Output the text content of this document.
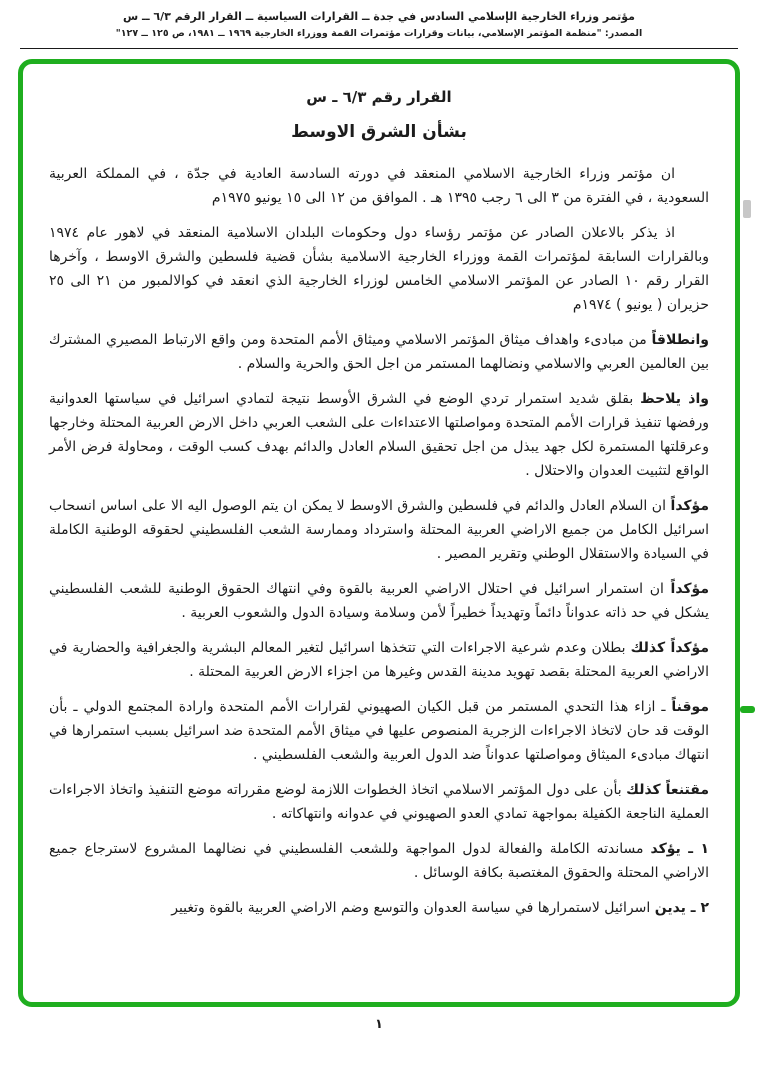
مؤتمر وزراء الخارجية الإسلامي السادس في جدة ــ القرارات السياسية ــ القرار الرقم ٦/٣ ــ س
المصدر: "منظمة المؤتمر الإسلامي، بيانات وقرارات مؤتمرات القمة ووزراء الخارجية ١٩٦٩ ــ ١٩٨١، ص ١٢٥ ــ ١٢٧"
القرار رقم ٦/٣ ـ س
بشأن الشرق الاوسط

ان مؤتمر وزراء الخارجية الاسلامي المنعقد في دورته السادسة العادية في جدّة ، في المملكة العربية السعودية ، في الفترة من ٣ الى ٦ رجب ١٣٩٥ هـ . الموافق من ١٢ الى ١٥ يونيو ١٩٧٥م

اذ يذكر بالاعلان الصادر عن مؤتمر رؤساء دول وحكومات البلدان الاسلامية المنعقد في لاهور عام ١٩٧٤ وبالقرارات السابقة لمؤتمرات القمة ووزراء الخارجية الاسلامية بشأن قضية فلسطين والشرق الاوسط ، وآخرها القرار رقم ١٠ الصادر عن المؤتمر الاسلامي الخامس لوزراء الخارجية الذي انعقد في كوالالمبور من ٢١ الى ٢٥ حزيران ( يونيو ) ١٩٧٤م

وانطلاقاً من مبادىء واهداف ميثاق المؤتمر الاسلامي وميثاق الأمم المتحدة ومن واقع الارتباط المصيري المشترك بين العالمين العربي والاسلامي ونضالهما المستمر من اجل الحق والحرية والسلام .

واذ يلاحظ بقلق شديد استمرار تردي الوضع في الشرق الأوسط نتيجة لتمادي اسرائيل في سياستها العدوانية ورفضها تنفيذ قرارات الأمم المتحدة ومواصلتها الاعتداءات على الشعب العربي داخل الارض العربية المحتلة وخارجها وعرقلتها المستمرة لكل جهد يبذل من اجل تحقيق السلام العادل والدائم بهدف كسب الوقت ، ومحاولة فرض الأمر الواقع لتثبيت العدوان والاحتلال .

مؤكداً ان السلام العادل والدائم في فلسطين والشرق الاوسط لا يمكن ان يتم الوصول اليه الا على اساس انسحاب اسرائيل الكامل من جميع الاراضي العربية المحتلة واسترداد وممارسة الشعب الفلسطيني لحقوقه الوطنية الكاملة في السيادة والاستقلال الوطني وتقرير المصير .

مؤكداً ان استمرار اسرائيل في احتلال الاراضي العربية بالقوة وفي انتهاك الحقوق الوطنية للشعب الفلسطيني يشكل في حد ذاته عدواناً دائماً وتهديداً خطيراً لأمن وسلامة وسيادة الدول والشعوب العربية .

مؤكداً كذلك بطلان وعدم شرعية الاجراءات التي تتخذها اسرائيل لتغير المعالم البشرية والجغرافية والحضارية في الاراضي العربية المحتلة بقصد تهويد مدينة القدس وغيرها من اجزاء الارض العربية المحتلة .

موقناً ـ ازاء هذا التحدي المستمر من قبل الكيان الصهيوني لقرارات الأمم المتحدة وارادة المجتمع الدولي ـ بأن الوقت قد حان لاتخاذ الاجراءات الزجرية المنصوص عليها في ميثاق الأمم المتحدة ضد اسرائيل بسبب استمرارها في انتهاك مبادىء الميثاق ومواصلتها عدواناً ضد الدول العربية والشعب الفلسطيني .

مقتنعاً كذلك بأن على دول المؤتمر الاسلامي اتخاذ الخطوات اللازمة لوضع مقرراته موضع التنفيذ واتخاذ الاجراءات العملية الناجعة الكفيلة بمواجهة تمادي العدو الصهيوني في عدوانه وانتهاكاته .

١ ـ يؤكد مساندته الكاملة والفعالة لدول المواجهة وللشعب الفلسطيني في نضالهما المشروع لاسترجاع جميع الاراضي المحتلة والحقوق المغتصبة بكافة الوسائل .

٢ ـ يدين اسرائيل لاستمرارها في سياسة العدوان والتوسع وضم الاراضي العربية بالقوة وتغيير

١
